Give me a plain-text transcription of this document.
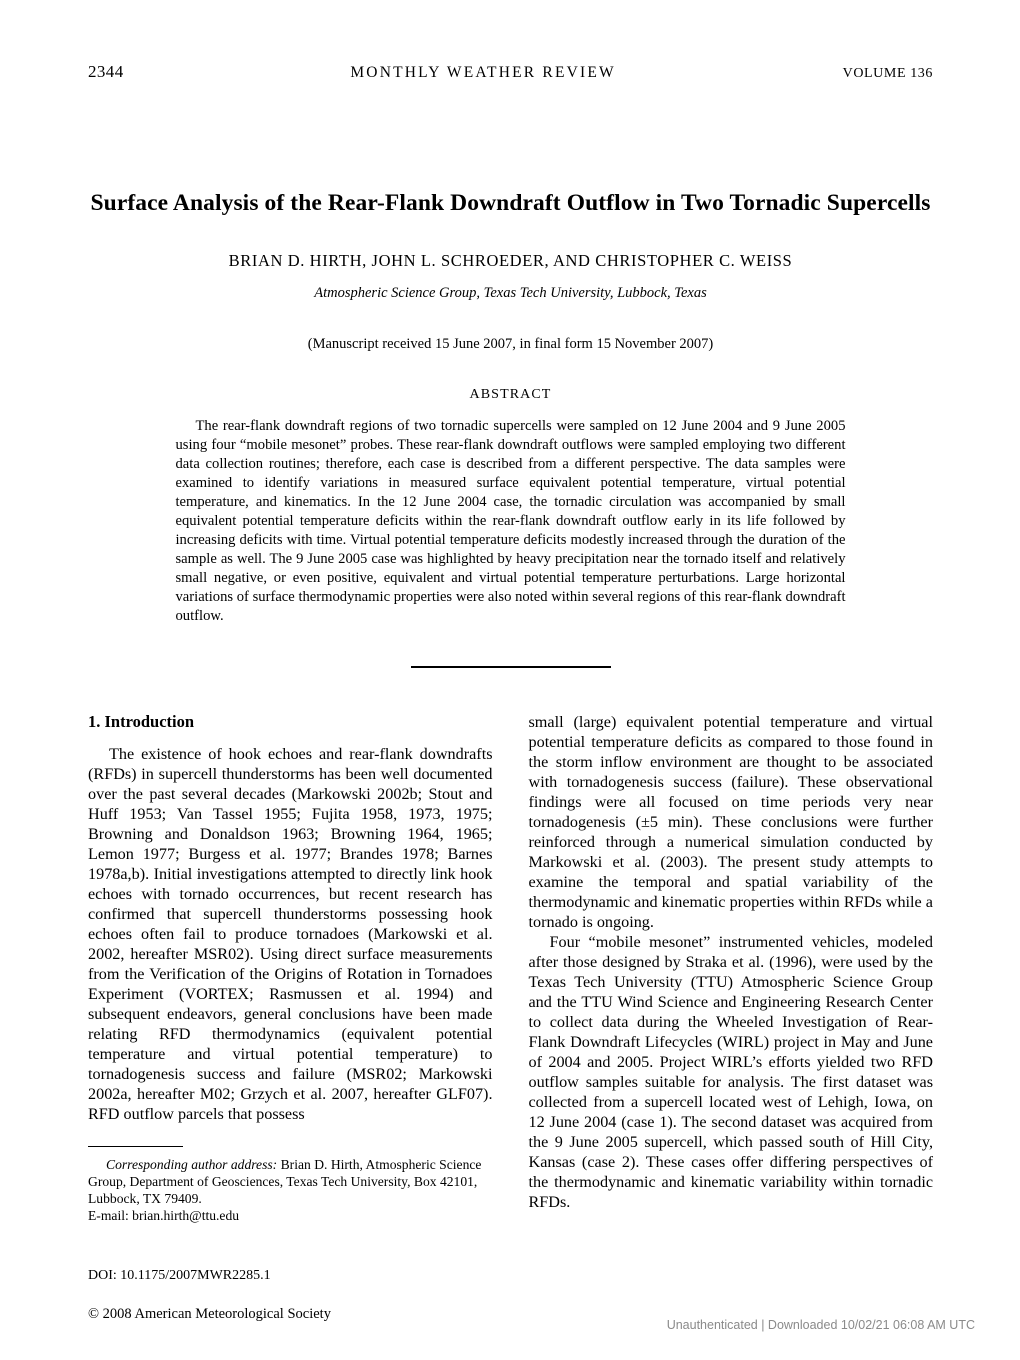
2344	MONTHLY WEATHER REVIEW	VOLUME 136
Surface Analysis of the Rear-Flank Downdraft Outflow in Two Tornadic Supercells
BRIAN D. HIRTH, JOHN L. SCHROEDER, AND CHRISTOPHER C. WEISS
Atmospheric Science Group, Texas Tech University, Lubbock, Texas
(Manuscript received 15 June 2007, in final form 15 November 2007)
ABSTRACT
The rear-flank downdraft regions of two tornadic supercells were sampled on 12 June 2004 and 9 June 2005 using four “mobile mesonet” probes. These rear-flank downdraft outflows were sampled employing two different data collection routines; therefore, each case is described from a different perspective. The data samples were examined to identify variations in measured surface equivalent potential temperature, virtual potential temperature, and kinematics. In the 12 June 2004 case, the tornadic circulation was accompanied by small equivalent potential temperature deficits within the rear-flank downdraft outflow early in its life followed by increasing deficits with time. Virtual potential temperature deficits modestly increased through the duration of the sample as well. The 9 June 2005 case was highlighted by heavy precipitation near the tornado itself and relatively small negative, or even positive, equivalent and virtual potential temperature perturbations. Large horizontal variations of surface thermodynamic properties were also noted within several regions of this rear-flank downdraft outflow.
1. Introduction

The existence of hook echoes and rear-flank downdrafts (RFDs) in supercell thunderstorms has been well documented over the past several decades (Markowski 2002b; Stout and Huff 1953; Van Tassel 1955; Fujita 1958, 1973, 1975; Browning and Donaldson 1963; Browning 1964, 1965; Lemon 1977; Burgess et al. 1977; Brandes 1978; Barnes 1978a,b). Initial investigations attempted to directly link hook echoes with tornado occurrences, but recent research has confirmed that supercell thunderstorms possessing hook echoes often fail to produce tornadoes (Markowski et al. 2002, hereafter MSR02). Using direct surface measurements from the Verification of the Origins of Rotation in Tornadoes Experiment (VORTEX; Rasmussen et al. 1994) and subsequent endeavors, general conclusions have been made relating RFD thermodynamics (equivalent potential temperature and virtual potential temperature) to tornadogenesis success and failure (MSR02; Markowski 2002a, hereafter M02; Grzych et al. 2007, hereafter GLF07). RFD outflow parcels that possess

Corresponding author address: Brian D. Hirth, Atmospheric Science Group, Department of Geosciences, Texas Tech University, Box 42101, Lubbock, TX 79409.
E-mail: brian.hirth@ttu.edu

small (large) equivalent potential temperature and virtual potential temperature deficits as compared to those found in the storm inflow environment are thought to be associated with tornadogenesis success (failure). These observational findings were all focused on time periods very near tornadogenesis (±5 min). These conclusions were further reinforced through a numerical simulation conducted by Markowski et al. (2003). The present study attempts to examine the temporal and spatial variability of the thermodynamic and kinematic properties within RFDs while a tornado is ongoing.

Four “mobile mesonet” instrumented vehicles, modeled after those designed by Straka et al. (1996), were used by the Texas Tech University (TTU) Atmospheric Science Group and the TTU Wind Science and Engineering Research Center to collect data during the Wheeled Investigation of Rear-Flank Downdraft Lifecycles (WIRL) project in May and June of 2004 and 2005. Project WIRL’s efforts yielded two RFD outflow samples suitable for analysis. The first dataset was collected from a supercell located west of Lehigh, Iowa, on 12 June 2004 (case 1). The second dataset was acquired from the 9 June 2005 supercell, which passed south of Hill City, Kansas (case 2). These cases offer differing perspectives of the thermodynamic and kinematic variability within tornadic RFDs.

DOI: 10.1175/2007MWR2285.1
© 2008 American Meteorological Society
Unauthenticated | Downloaded 10/02/21 06:08 AM UTC
